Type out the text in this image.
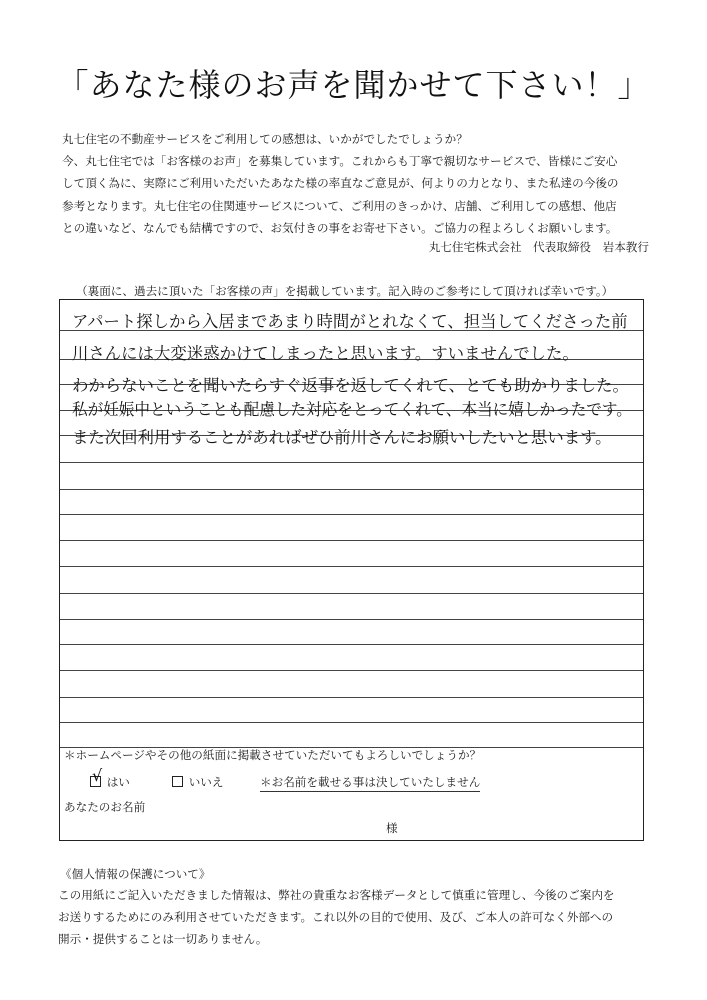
「あなた様のお声を聞かせて下さい！」
丸七住宅の不動産サービスをご利用しての感想は、いかがでしたでしょうか？
今、丸七住宅では「お客様のお声」を募集しています。これからも丁寧で親切なサービスで、皆様にご安心
して頂く為に、実際にご利用いただいたあなた様の率直なご意見が、何よりの力となり、また私達の今後の
参考となります。丸七住宅の住関連サービスについて、ご利用のきっかけ、店舗、ご利用しての感想、他店
との違いなど、なんでも結構ですので、お気付きの事をお寄せ下さい。ご協力の程よろしくお願いします。
丸七住宅株式会社　代表取締役　岩本教行
（裏面に、過去に頂いた「お客様の声」を掲載しています。記入時のご参考にして頂ければ幸いです。）
アパート探しから入居まであまり時間がとれなくて、担当してくださった前
川さんには大変迷惑かけてしまったと思います。すいませんでした。
わからないことを聞いたらすぐ返事を返してくれて、とても助かりました。
私が妊娠中ということも配慮した対応をとってくれて、本当に嬉しかったです。
また次回利用することがあればぜひ前川さんにお願いしたいと思います。
＊ホームページやその他の紙面に掲載させていただいてもよろしいでしょうか？

√ はい	いいえ	＊お名前を載せる事は決していたしません
あなたのお名前
様
《個人情報の保護について》
この用紙にご記入いただきました情報は、弊社の貴重なお客様データとして慎重に管理し、今後のご案内を
お送りするためにのみ利用させていただきます。これ以外の目的で使用、及び、ご本人の許可なく外部への
開示・提供することは一切ありません。
